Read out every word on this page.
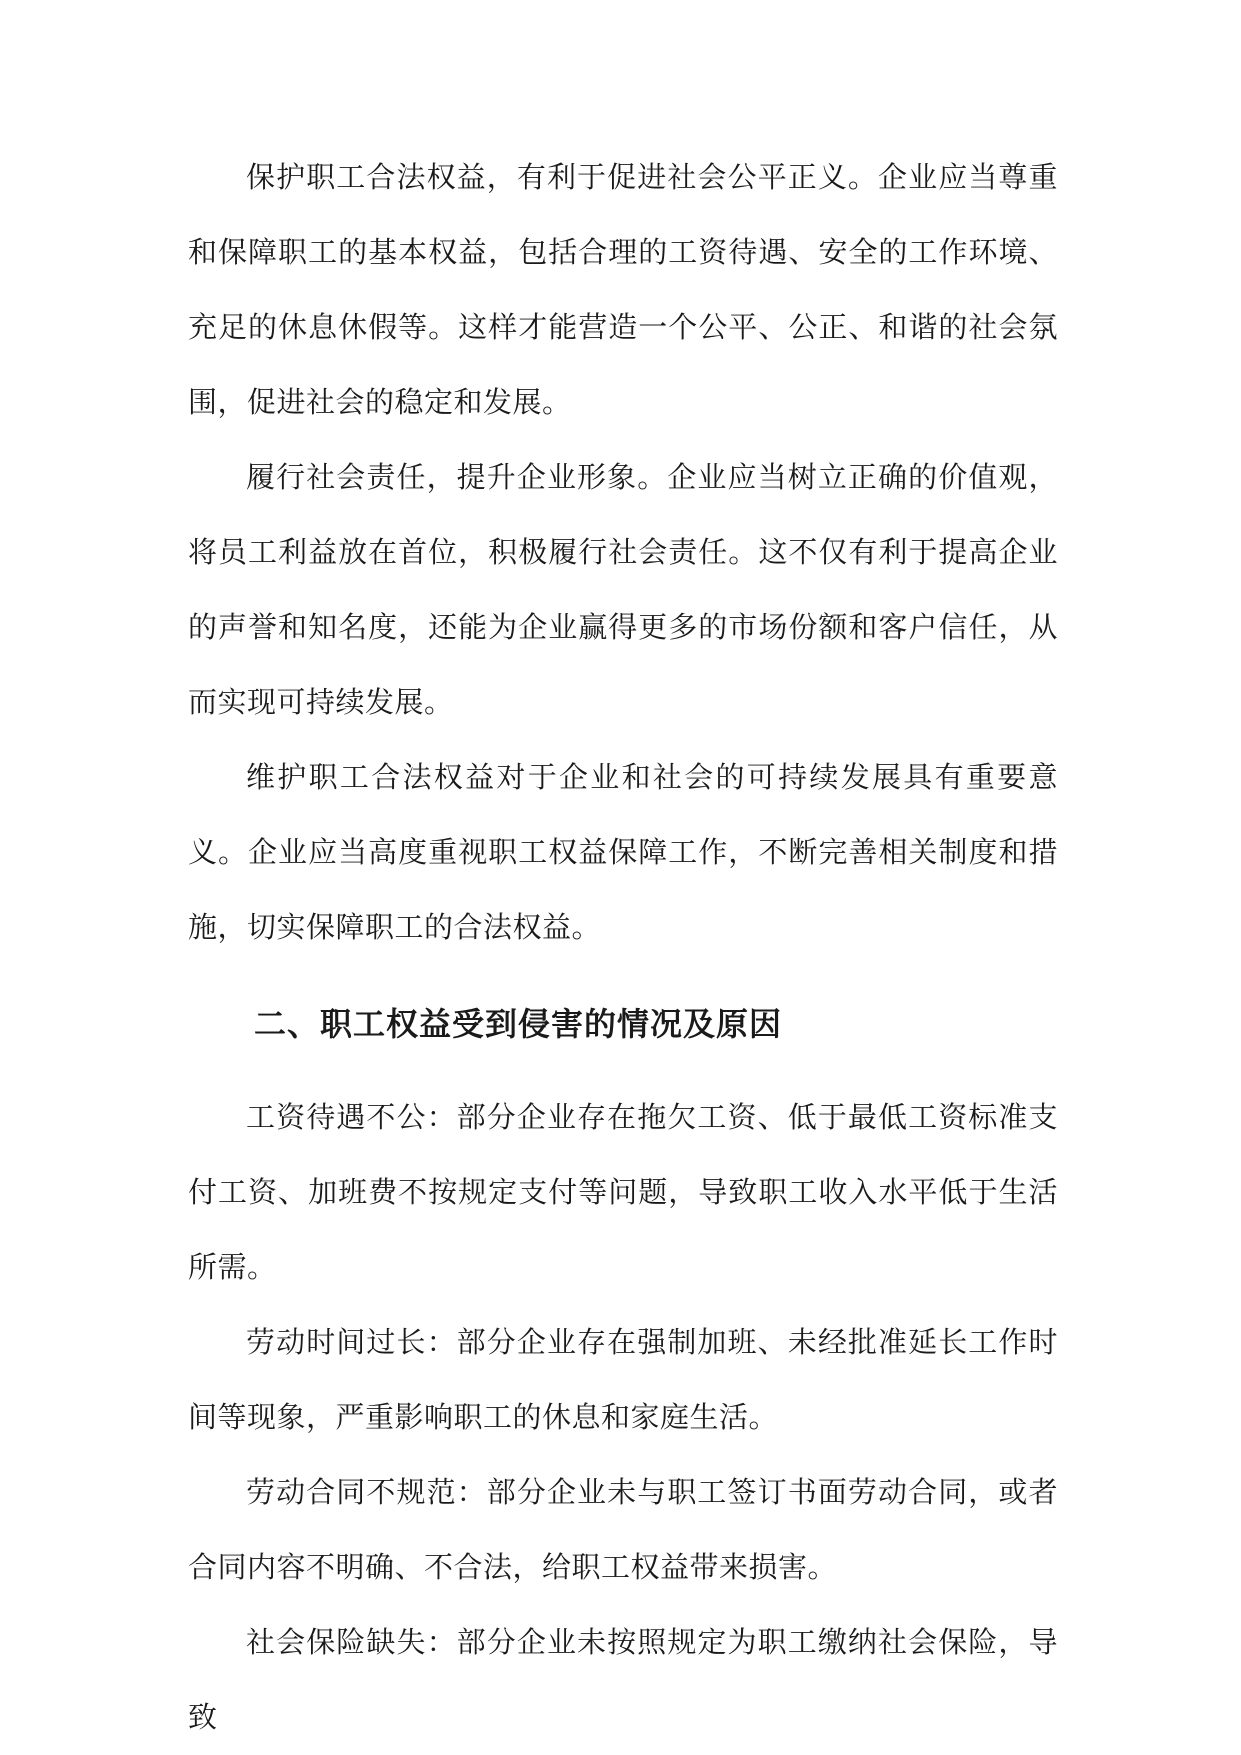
保护职工合法权益，有利于促进社会公平正义。企业应当尊重和保障职工的基本权益，包括合理的工资待遇、安全的工作环境、充足的休息休假等。这样才能营造一个公平、公正、和谐的社会氛围，促进社会的稳定和发展。

履行社会责任，提升企业形象。企业应当树立正确的价值观，将员工利益放在首位，积极履行社会责任。这不仅有利于提高企业的声誉和知名度，还能为企业赢得更多的市场份额和客户信任，从而实现可持续发展。

维护职工合法权益对于企业和社会的可持续发展具有重要意义。企业应当高度重视职工权益保障工作，不断完善相关制度和措施，切实保障职工的合法权益。

二、职工权益受到侵害的情况及原因

工资待遇不公：部分企业存在拖欠工资、低于最低工资标准支付工资、加班费不按规定支付等问题，导致职工收入水平低于生活所需。

劳动时间过长：部分企业存在强制加班、未经批准延长工作时间等现象，严重影响职工的休息和家庭生活。

劳动合同不规范：部分企业未与职工签订书面劳动合同，或者合同内容不明确、不合法，给职工权益带来损害。

社会保险缺失：部分企业未按照规定为职工缴纳社会保险，导致
